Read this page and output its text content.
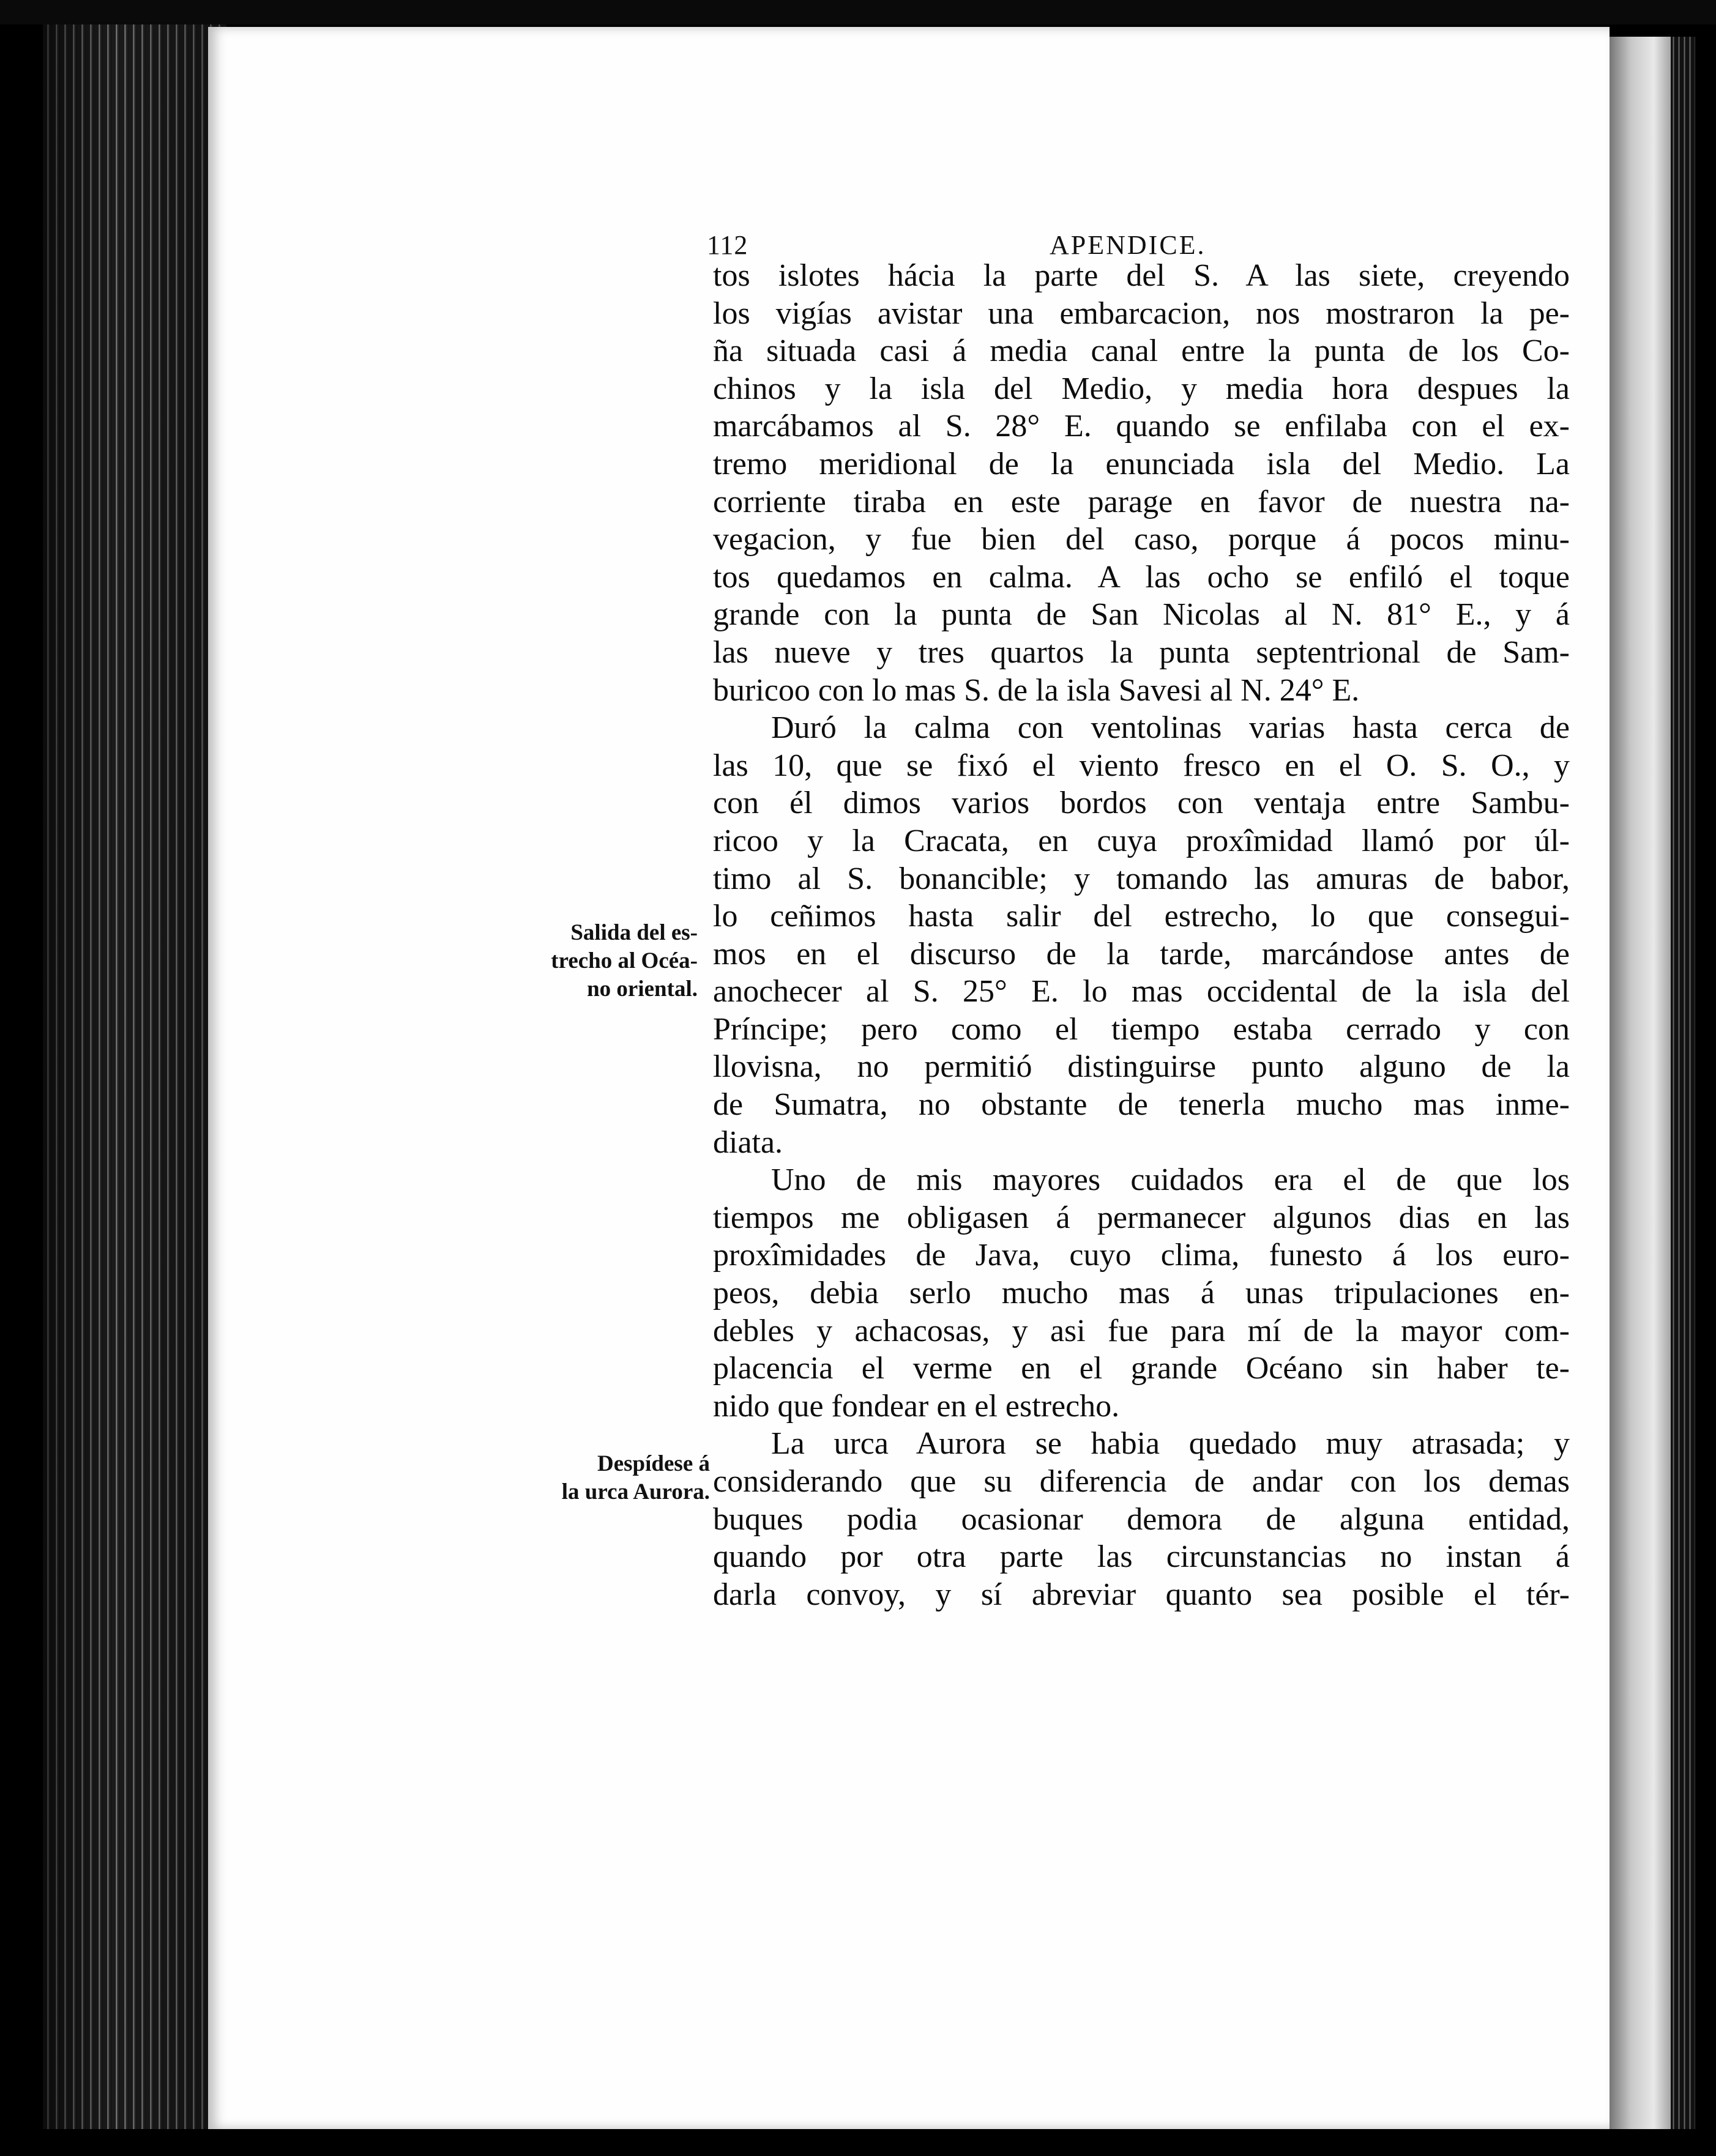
112	APENDICE.
Salida del es-
trecho al Océa-
no oriental.
Despídese á
la urca Aurora.
tos islotes hácia la parte del S. A las siete, creyendo
los vigías avistar una embarcacion, nos mostraron la pe-
ña situada casi á media canal entre la punta de los Co-
chinos y la isla del Medio, y media hora despues la
marcábamos al S. 28° E. quando se enfilaba con el ex-
tremo meridional de la enunciada isla del Medio. La
corriente tiraba en este parage en favor de nuestra na-
vegacion, y fue bien del caso, porque á pocos minu-
tos quedamos en calma. A las ocho se enfiló el toque
grande con la punta de San Nicolas al N. 81° E., y á
las nueve y tres quartos la punta septentrional de Sam-
buricoo con lo mas S. de la isla Savesi al N. 24° E.
Duró la calma con ventolinas varias hasta cerca de
las 10, que se fixó el viento fresco en el O. S. O., y
con él dimos varios bordos con ventaja entre Sambu-
ricoo y la Cracata, en cuya proxîmidad llamó por úl-
timo al S. bonancible; y tomando las amuras de babor,
lo ceñimos hasta salir del estrecho, lo que consegui-
mos en el discurso de la tarde, marcándose antes de
anochecer al S. 25° E. lo mas occidental de la isla del
Príncipe; pero como el tiempo estaba cerrado y con
llovisna, no permitió distinguirse punto alguno de la
de Sumatra, no obstante de tenerla mucho mas inme-
diata.
Uno de mis mayores cuidados era el de que los
tiempos me obligasen á permanecer algunos dias en las
proxîmidades de Java, cuyo clima, funesto á los euro-
peos, debia serlo mucho mas á unas tripulaciones en-
debles y achacosas, y asi fue para mí de la mayor com-
placencia el verme en el grande Océano sin haber te-
nido que fondear en el estrecho.
La urca Aurora se habia quedado muy atrasada; y
considerando que su diferencia de andar con los demas
buques podia ocasionar demora de alguna entidad,
quando por otra parte las circunstancias no instan á
darla convoy, y sí abreviar quanto sea posible el tér-
